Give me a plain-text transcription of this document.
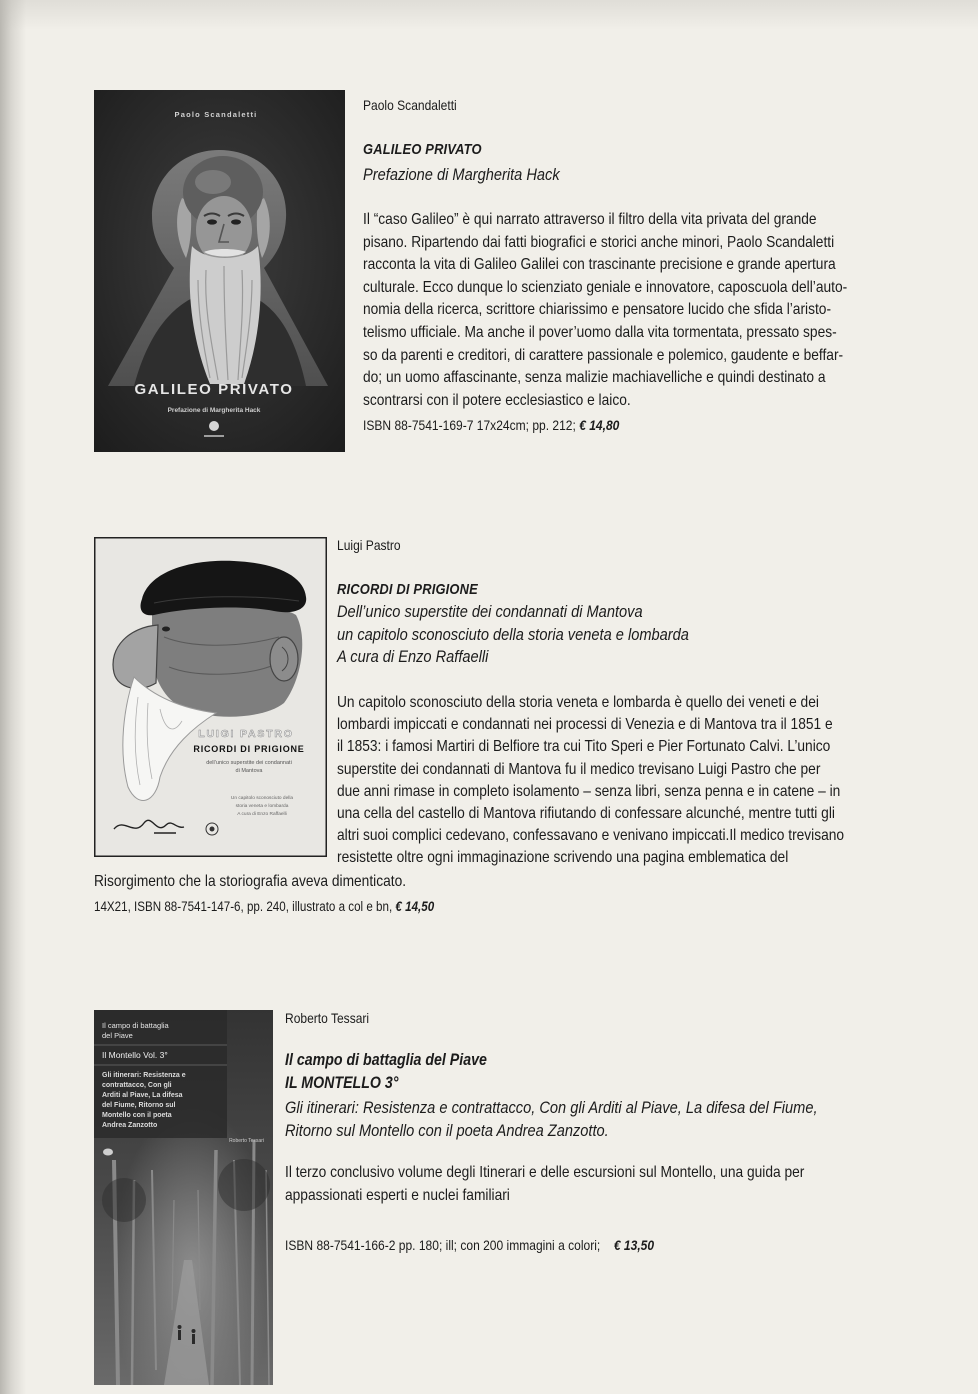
Paolo Scandaletti
GALILEO PRIVATO
Prefazione di Margherita Hack
Paolo Scandaletti
GALILEO PRIVATO
Prefazione di Margherita Hack
Il “caso Galileo” è qui narrato attraverso il filtro della vita privata del grande
pisano. Ripartendo dai fatti biografici e storici anche minori, Paolo Scandaletti
racconta la vita di Galileo Galilei con trascinante precisione e grande apertura
culturale. Ecco dunque lo scienziato geniale e innovatore, caposcuola dell’auto-
nomia della ricerca, scrittore chiarissimo e pensatore lucido che sfida l’aristo-
telismo ufficiale. Ma anche il pover’uomo dalla vita tormentata, pressato spes-
so da parenti e creditori, di carattere passionale e polemico, gaudente e beffar-
do; un uomo affascinante, senza malizie machiavelliche e quindi destinato a
scontrarsi con il potere ecclesiastico e laico.
ISBN 88-7541-169-7 17x24cm; pp. 212; € 14,80
LUIGI PASTRO
RICORDI DI PRIGIONE
dell’unico superstite dei condannati
di Mantova
Un capitolo sconosciuto della
storia veneta e lombarda
A cura di Enzo Raffaelli
Luigi Pastro
RICORDI DI PRIGIONE
Dell’unico superstite dei condannati di Mantova
un capitolo sconosciuto della storia veneta e lombarda
A cura di Enzo Raffaelli
Un capitolo sconosciuto della storia veneta e lombarda è quello dei veneti e dei
lombardi impiccati e condannati nei processi di Venezia e di Mantova tra il 1851 e
il 1853: i famosi Martiri di Belfiore tra cui Tito Speri e Pier Fortunato Calvi. L’unico
superstite dei condannati di Mantova fu il medico trevisano Luigi Pastro che per
due anni rimase in completo isolamento – senza libri, senza penna e in catene – in
una cella del castello di Mantova rifiutando di confessare alcunché, mentre tutti gli
altri suoi complici cedevano, confessavano e venivano impiccati.Il medico trevisano
resistette oltre ogni immaginazione scrivendo una pagina emblematica del
Risorgimento che la storiografia aveva dimenticato.
14X21, ISBN 88-7541-147-6, pp. 240, illustrato a col e bn, € 14,50
Il campo di battaglia
del Piave
Il Montello Vol. 3°
Gli itinerari: Resistenza e
contrattacco, Con gli
Arditi al Piave, La difesa
del Fiume, Ritorno sul
Montello con il poeta
Andrea Zanzotto
Roberto Tessari
Roberto Tessari
Il campo di battaglia del Piave
IL MONTELLO 3°
Gli itinerari: Resistenza e contrattacco, Con gli Arditi al Piave, La difesa del Fiume,
Ritorno sul Montello con il poeta Andrea Zanzotto.
Il terzo conclusivo volume degli Itinerari e delle escursioni sul Montello, una guida per
appassionati esperti e nuclei familiari
ISBN 88-7541-166-2 pp. 180; ill; con 200 immagini a colori; € 13,50
